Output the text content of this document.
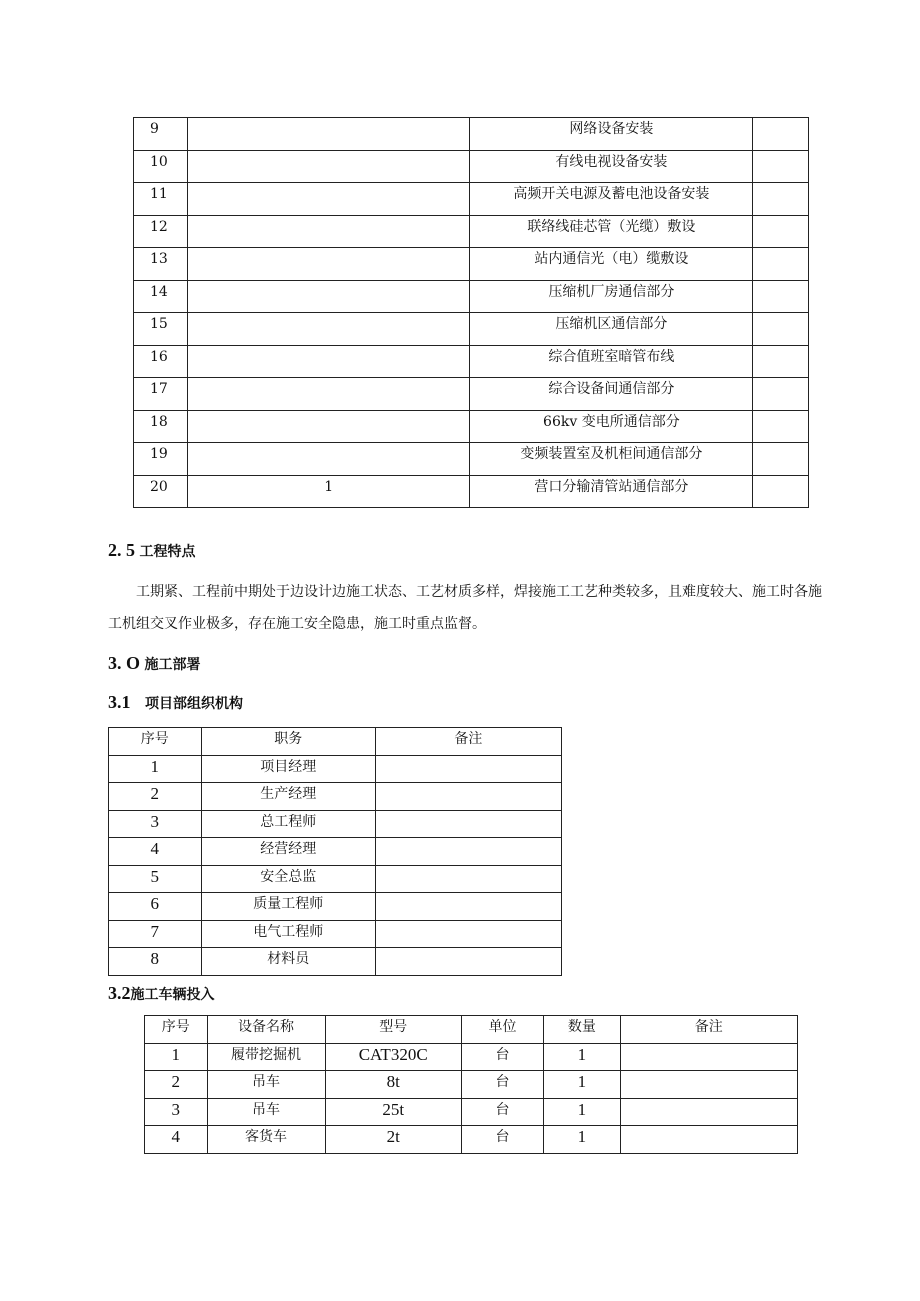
9		网络设备安装	
10		有线电视设备安装	
11		高频开关电源及蓄电池设备安装	
12		联络线硅芯管（光缆）敷设	
13		站内通信光（电）缆敷设	
14		压缩机厂房通信部分	
15		压缩机区通信部分	
16		综合值班室暗管布线	
17		综合设备间通信部分	
18		66kv 变电所通信部分	
19		变频装置室及机柜间通信部分	
20	1	营口分输清管站通信部分	
2. 5 工程特点

工期紧、工程前中期处于边设计边施工状态、工艺材质多样，焊接施工工艺种类较多，且难度较大、施工时各施工机组交叉作业极多，存在施工安全隐患，施工时重点监督。

3. O 施工部署
3.1 项目部组织机构
序号	职务	备注
1	项目经理	
2	生产经理	
3	总工程师	
4	经营经理	
5	安全总监	
6	质量工程师	
7	电气工程师	
8	材料员	
3.2施工车辆投入
序号	设备名称	型号	单位	数量	备注
1	履带挖掘机	CAT320C	台	1	
2	吊车	8t	台	1	
3	吊车	25t	台	1	
4	客货车	2t	台	1	
